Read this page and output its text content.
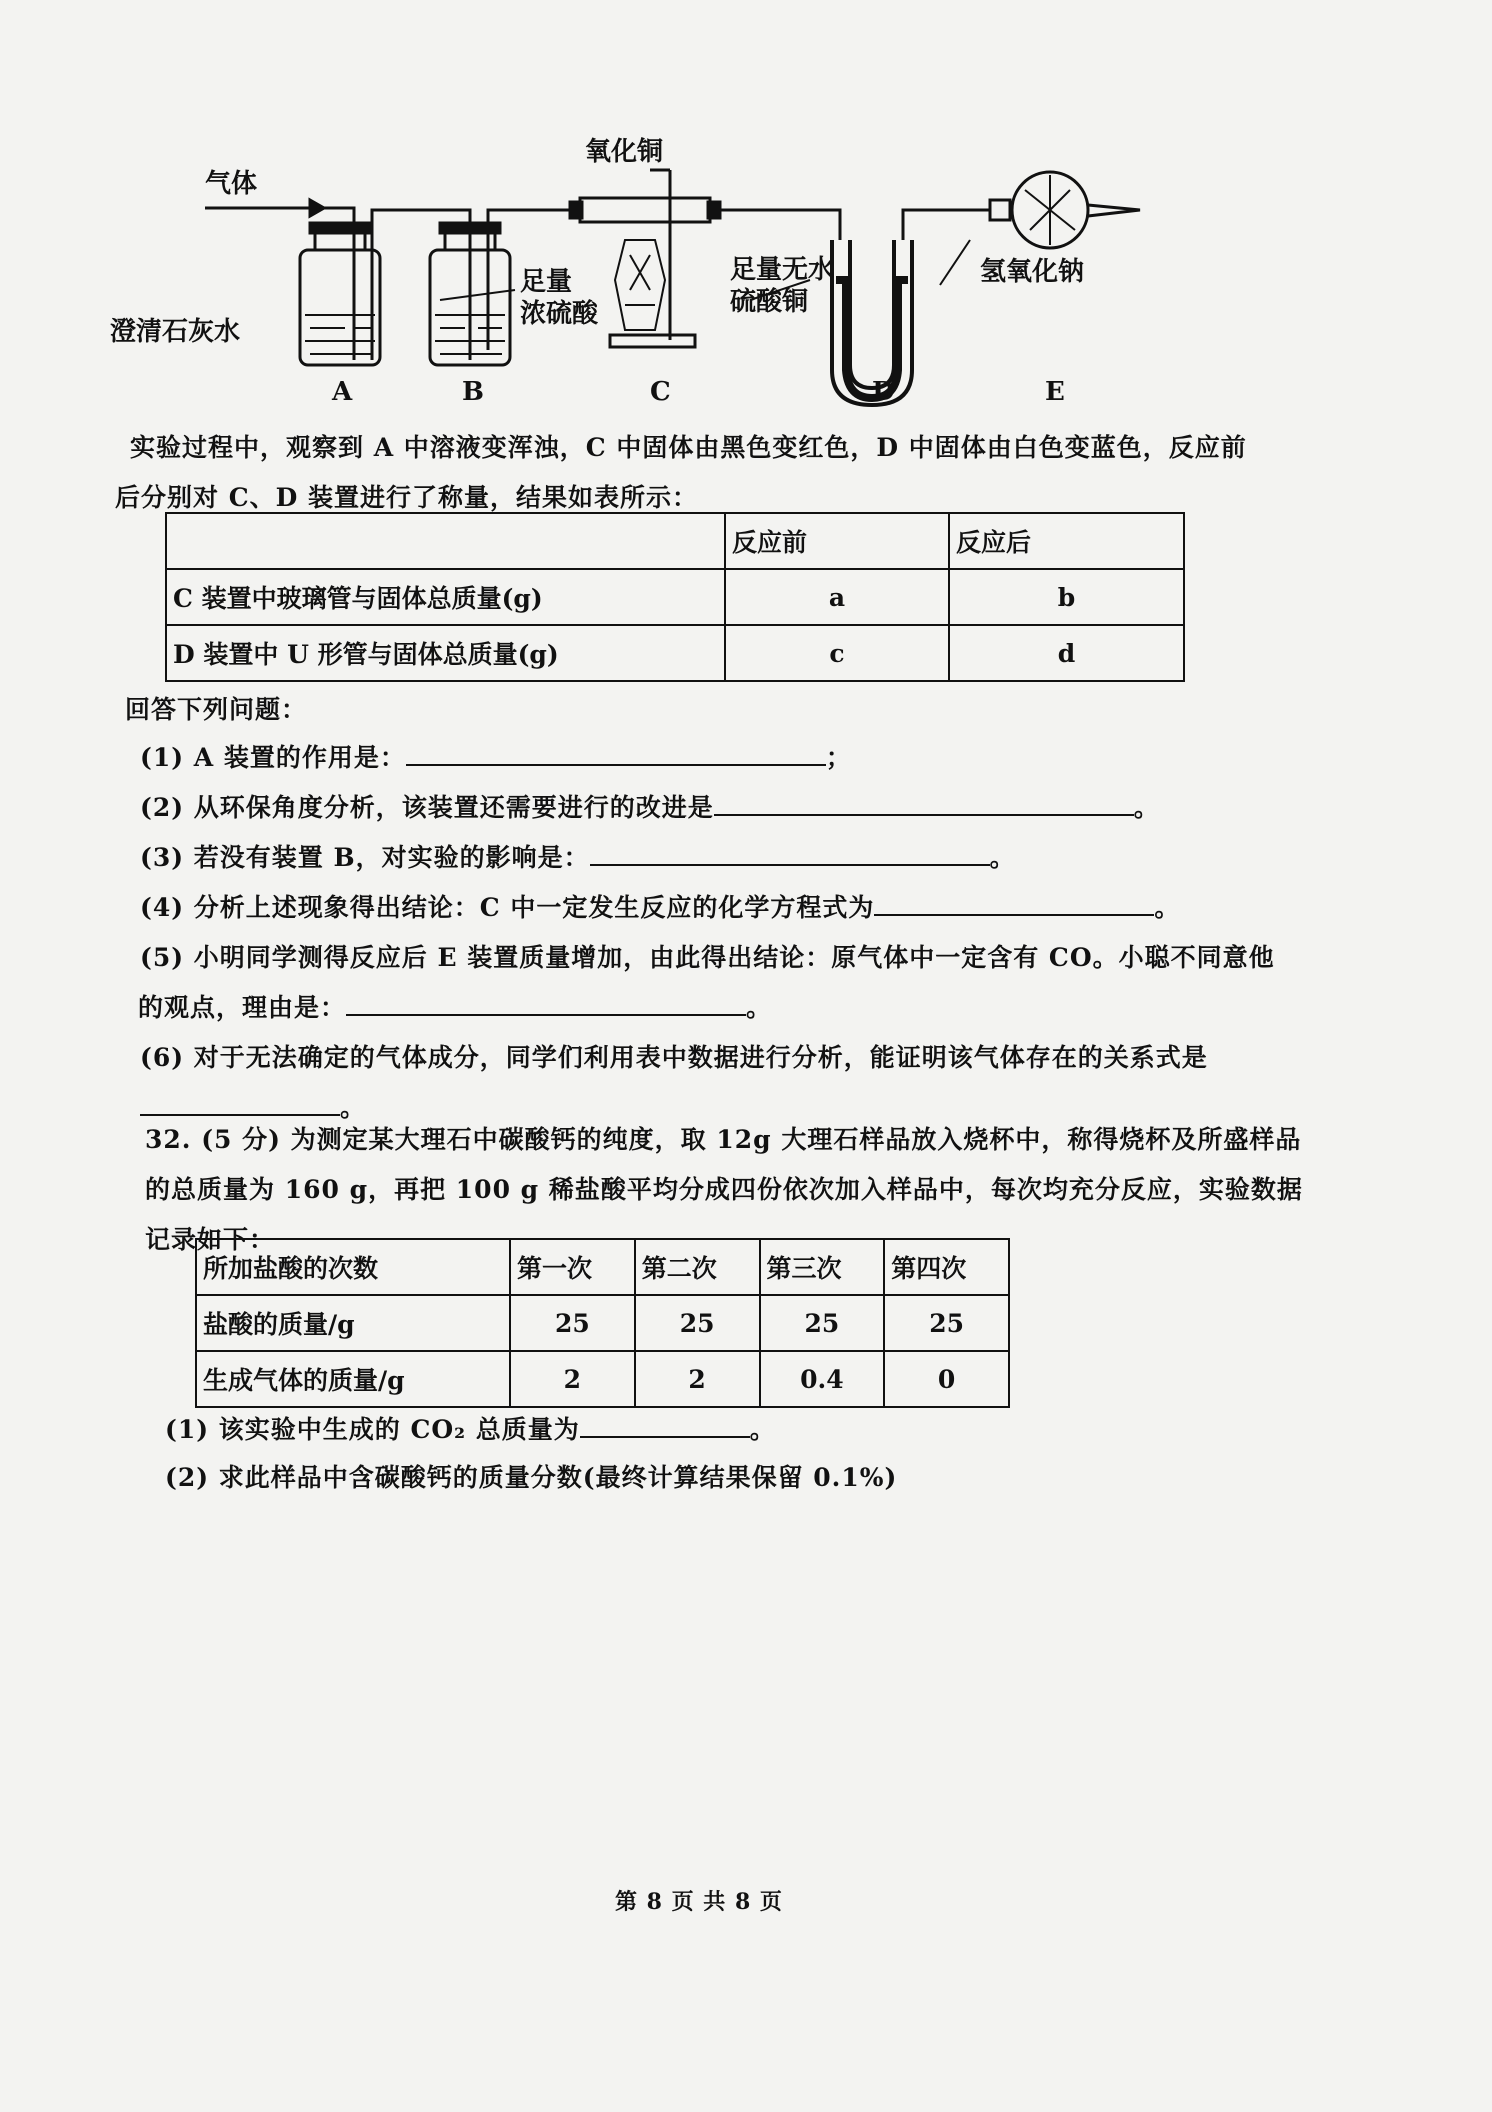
气体
氧化铜
澄清石灰水
足量
浓硫酸
足量无水
硫酸铜
氢氧化钠
A	B	C	D	E
实验过程中，观察到 A 中溶液变浑浊，C 中固体由黑色变红色，D 中固体由白色变蓝色，反应前
后分别对 C、D 装置进行了称量，结果如表所示：
	反应前	反应后
C 装置中玻璃管与固体总质量(g)	a	b
D 装置中 U 形管与固体总质量(g)	c	d
回答下列问题：
(1) A 装置的作用是：	；
(2) 从环保角度分析，该装置还需要进行的改进是	。
(3) 若没有装置 B，对实验的影响是：	。
(4) 分析上述现象得出结论：C 中一定发生反应的化学方程式为	。
(5) 小明同学测得反应后 E 装置质量增加，由此得出结论：原气体中一定含有 CO。小聪不同意他
的观点，理由是：	。
(6) 对于无法确定的气体成分，同学们利用表中数据进行分析，能证明该气体存在的关系式是
。
32. (5 分) 为测定某大理石中碳酸钙的纯度，取 12g 大理石样品放入烧杯中，称得烧杯及所盛样品
的总质量为 160 g，再把 100 g 稀盐酸平均分成四份依次加入样品中，每次均充分反应，实验数据
记录如下：
所加盐酸的次数	第一次	第二次	第三次	第四次
盐酸的质量/g	25	25	25	25
生成气体的质量/g	2	2	0.4	0
(1) 该实验中生成的 CO₂ 总质量为	。
(2) 求此样品中含碳酸钙的质量分数(最终计算结果保留 0.1%)
第 8 页 共 8 页
